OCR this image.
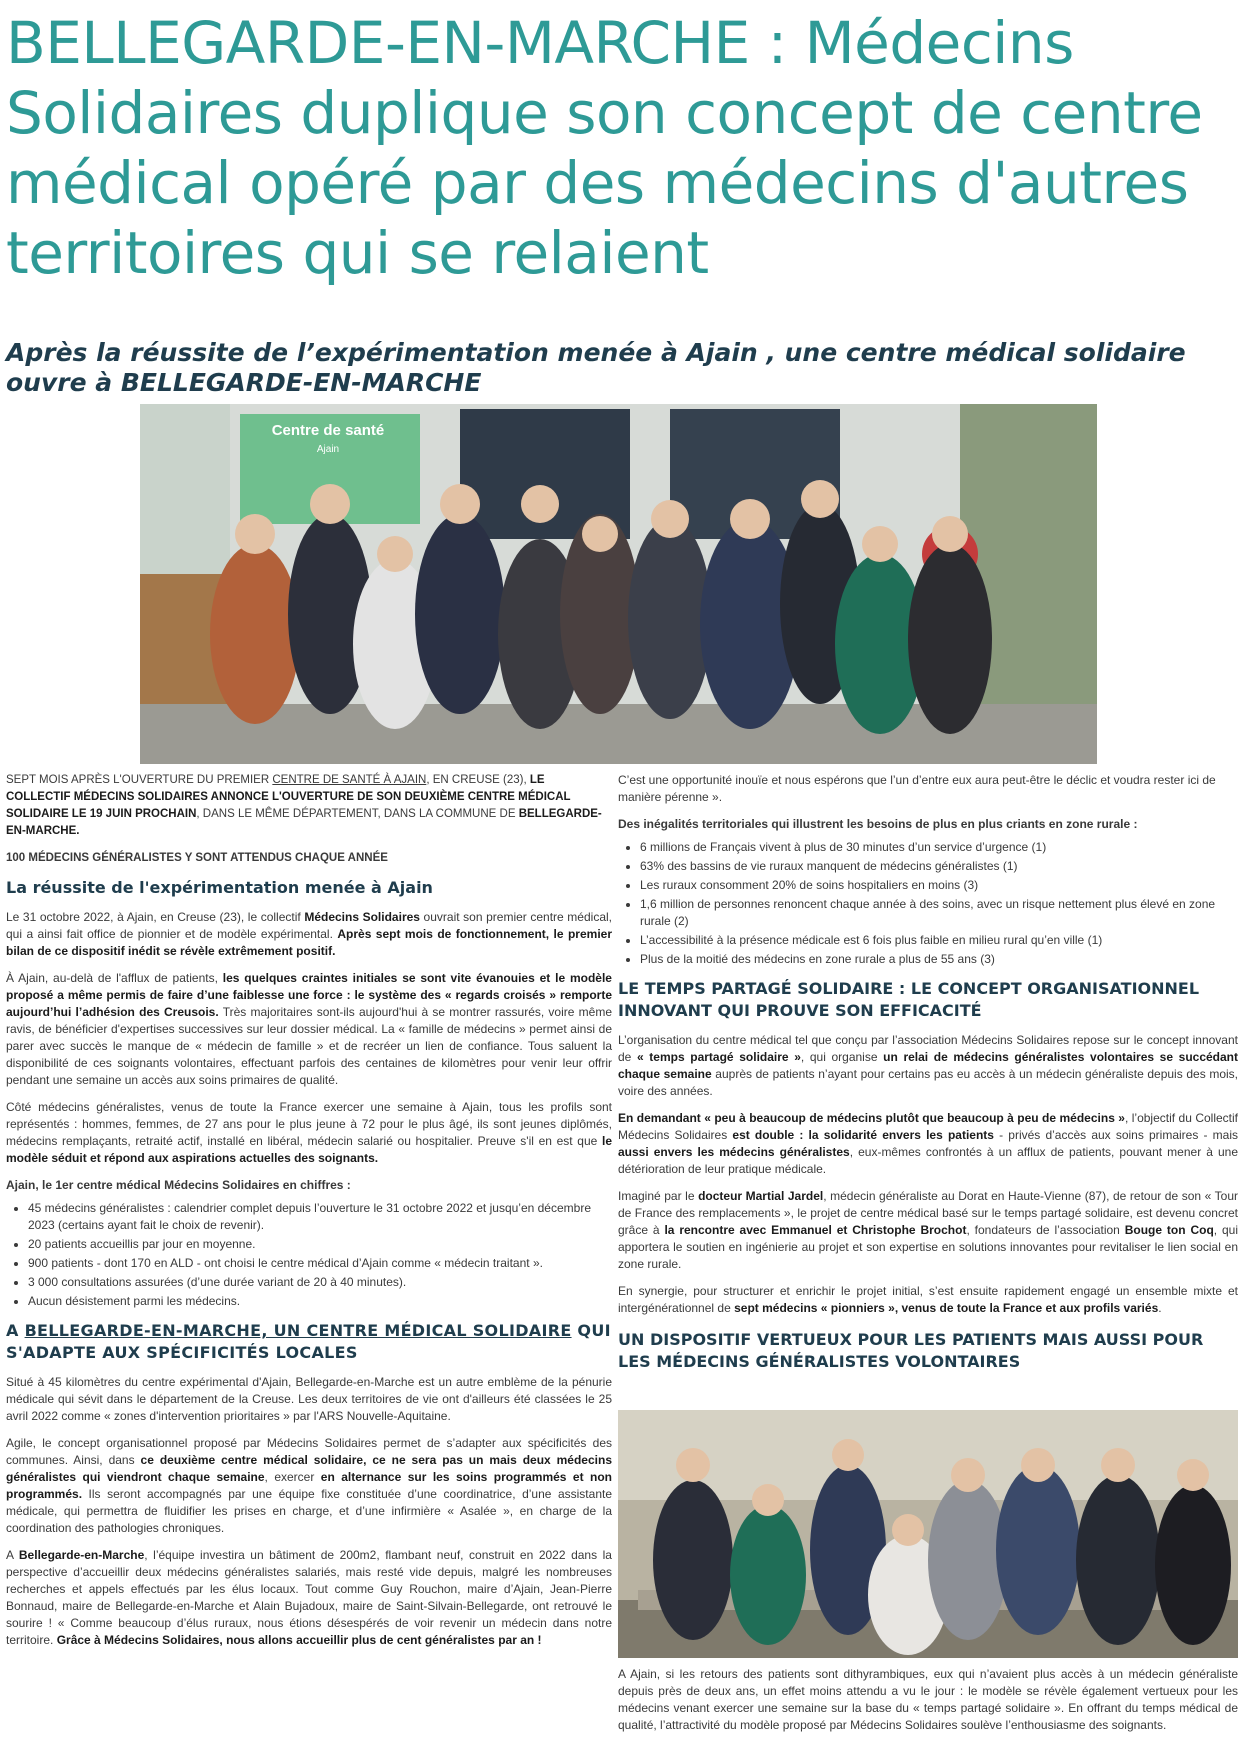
BELLEGARDE-EN-MARCHE : Médecins Solidaires duplique son concept de centre médical opéré par des médecins d'autres territoires qui se relaient
Après la réussite de l’expérimentation menée à Ajain , une centre médical solidaire ouvre à BELLEGARDE-EN-MARCHE
Centre de santé
Ajain

SEPT MOIS APRÈS L'OUVERTURE DU PREMIER CENTRE DE SANTÉ À AJAIN, EN CREUSE (23), LE COLLECTIF MÉDECINS SOLIDAIRES ANNONCE L'OUVERTURE DE SON DEUXIÈME CENTRE MÉDICAL SOLIDAIRE LE 19 JUIN PROCHAIN, DANS LE MÊME DÉPARTEMENT, DANS LA COMMUNE DE BELLEGARDE-EN-MARCHE.

100 MÉDECINS GÉNÉRALISTES Y SONT ATTENDUS CHAQUE ANNÉE

La réussite de l'expérimentation menée à Ajain

Le 31 octobre 2022, à Ajain, en Creuse (23), le collectif Médecins Solidaires ouvrait son premier centre médical, qui a ainsi fait office de pionnier et de modèle expérimental. Après sept mois de fonctionnement, le premier bilan de ce dispositif inédit se révèle extrêmement positif.

À Ajain, au-delà de l'afflux de patients, les quelques craintes initiales se sont vite évanouies et le modèle proposé a même permis de faire d’une faiblesse une force : le système des « regards croisés » remporte aujourd’hui l’adhésion des Creusois. Très majoritaires sont-ils aujourd'hui à se montrer rassurés, voire même ravis, de bénéficier d'expertises successives sur leur dossier médical. La « famille de médecins » permet ainsi de parer avec succès le manque de « médecin de famille » et de recréer un lien de confiance. Tous saluent la disponibilité de ces soignants volontaires, effectuant parfois des centaines de kilomètres pour venir leur offrir pendant une semaine un accès aux soins primaires de qualité.

Côté médecins généralistes, venus de toute la France exercer une semaine à Ajain, tous les profils sont représentés : hommes, femmes, de 27 ans pour le plus jeune à 72 pour le plus âgé, ils sont jeunes diplômés, médecins remplaçants, retraité actif, installé en libéral, médecin salarié ou hospitalier. Preuve s'il en est que le modèle séduit et répond aux aspirations actuelles des soignants.

Ajain, le 1er centre médical Médecins Solidaires en chiffres :

• 45 médecins généralistes : calendrier complet depuis l’ouverture le 31 octobre 2022 et jusqu’en décembre 2023 (certains ayant fait le choix de revenir).
• 20 patients accueillis par jour en moyenne.
• 900 patients - dont 170 en ALD - ont choisi le centre médical d’Ajain comme « médecin traitant ».
• 3 000 consultations assurées (d’une durée variant de 20 à 40 minutes).
• Aucun désistement parmi les médecins.
A BELLEGARDE-EN-MARCHE, UN CENTRE MÉDICAL SOLIDAIRE QUI S'ADAPTE AUX SPÉCIFICITÉS LOCALES

Situé à 45 kilomètres du centre expérimental d'Ajain, Bellegarde-en-Marche est un autre emblème de la pénurie médicale qui sévit dans le département de la Creuse. Les deux territoires de vie ont d'ailleurs été classées le 25 avril 2022 comme « zones d'intervention prioritaires » par l'ARS Nouvelle-Aquitaine.

Agile, le concept organisationnel proposé par Médecins Solidaires permet de s’adapter aux spécificités des communes. Ainsi, dans ce deuxième centre médical solidaire, ce ne sera pas un mais deux médecins généralistes qui viendront chaque semaine, exercer en alternance sur les soins programmés et non programmés. Ils seront accompagnés par une équipe fixe constituée d’une coordinatrice, d’une assistante médicale, qui permettra de fluidifier les prises en charge, et d’une infirmière « Asalée », en charge de la coordination des pathologies chroniques.

A Bellegarde-en-Marche, l’équipe investira un bâtiment de 200m2, flambant neuf, construit en 2022 dans la perspective d’accueillir deux médecins généralistes salariés, mais resté vide depuis, malgré les nombreuses recherches et appels effectués par les élus locaux. Tout comme Guy Rouchon, maire d’Ajain, Jean-Pierre Bonnaud, maire de Bellegarde-en-Marche et Alain Bujadoux, maire de Saint-Silvain-Bellegarde, ont retrouvé le sourire ! « Comme beaucoup d’élus ruraux, nous étions désespérés de voir revenir un médecin dans notre territoire. Grâce à Médecins Solidaires, nous allons accueillir plus de cent généralistes par an !

C’est une opportunité inouïe et nous espérons que l’un d’entre eux aura peut-être le déclic et voudra rester ici de manière pérenne ».

Des inégalités territoriales qui illustrent les besoins de plus en plus criants en zone rurale :

• 6 millions de Français vivent à plus de 30 minutes d’un service d’urgence (1)
• 63% des bassins de vie ruraux manquent de médecins généralistes (1)
• Les ruraux consomment 20% de soins hospitaliers en moins (3)
• 1,6 million de personnes renoncent chaque année à des soins, avec un risque nettement plus élevé en zone rurale (2)
• L’accessibilité à la présence médicale est 6 fois plus faible en milieu rural qu’en ville (1)
• Plus de la moitié des médecins en zone rurale a plus de 55 ans (3)
LE TEMPS PARTAGÉ SOLIDAIRE : LE CONCEPT ORGANISATIONNEL INNOVANT QUI PROUVE SON EFFICACITÉ

L’organisation du centre médical tel que conçu par l’association Médecins Solidaires repose sur le concept innovant de « temps partagé solidaire », qui organise un relai de médecins généralistes volontaires se succédant chaque semaine auprès de patients n’ayant pour certains pas eu accès à un médecin généraliste depuis des mois, voire des années.

En demandant « peu à beaucoup de médecins plutôt que beaucoup à peu de médecins », l’objectif du Collectif Médecins Solidaires est double : la solidarité envers les patients - privés d’accès aux soins primaires - mais aussi envers les médecins généralistes, eux-mêmes confrontés à un afflux de patients, pouvant mener à une détérioration de leur pratique médicale.

Imaginé par le docteur Martial Jardel, médecin généraliste au Dorat en Haute-Vienne (87), de retour de son « Tour de France des remplacements », le projet de centre médical basé sur le temps partagé solidaire, est devenu concret grâce à la rencontre avec Emmanuel et Christophe Brochot, fondateurs de l’association Bouge ton Coq, qui apportera le soutien en ingénierie au projet et son expertise en solutions innovantes pour revitaliser le lien social en zone rurale.

En synergie, pour structurer et enrichir le projet initial, s’est ensuite rapidement engagé un ensemble mixte et intergénérationnel de sept médecins « pionniers », venus de toute la France et aux profils variés.

UN DISPOSITIF VERTUEUX POUR LES PATIENTS MAIS AUSSI POUR LES MÉDECINS GÉNÉRALISTES VOLONTAIRES

A Ajain, si les retours des patients sont dithyrambiques, eux qui n’avaient plus accès à un médecin généraliste depuis près de deux ans, un effet moins attendu a vu le jour : le modèle se révèle également vertueux pour les médecins venant exercer une semaine sur la base du « temps partagé solidaire ». En offrant du temps médical de qualité, l’attractivité du modèle proposé par Médecins Solidaires soulève l’enthousiasme des soignants.
